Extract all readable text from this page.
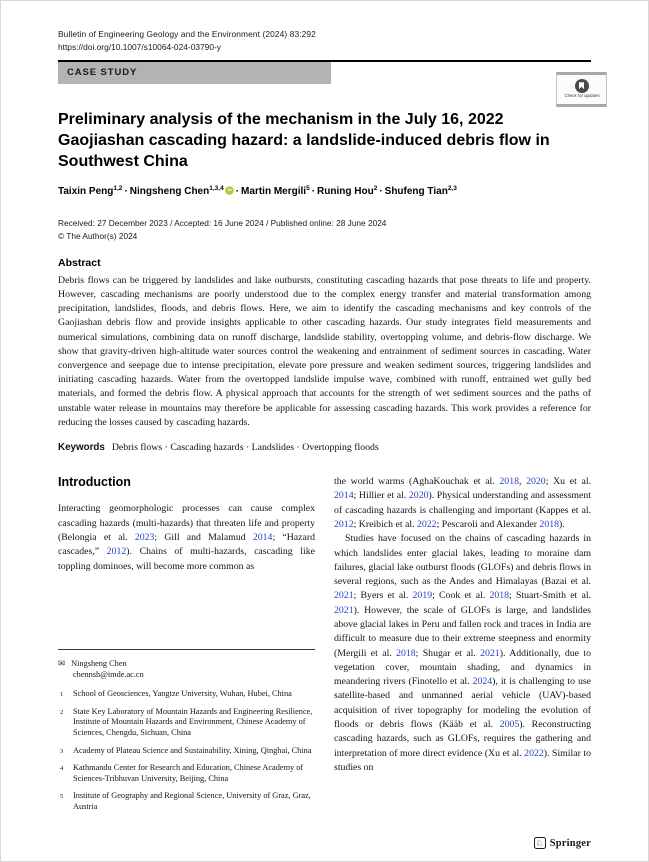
Bulletin of Engineering Geology and the Environment (2024) 83:292
https://doi.org/10.1007/s10064-024-03790-y
CASE STUDY
Check for updates
Preliminary analysis of the mechanism in the July 16, 2022 Gaojiashan cascading hazard: a landslide-induced debris flow in Southwest China
Taixin Peng$^{1,2}$ · Ningsheng Chen$^{1,3,4}$ iD · Martin Mergili$^5$ · Runing Hou$^2$ · Shufeng Tian$^{2,3}$
Received: 27 December 2023 / Accepted: 16 June 2024 / Published online: 28 June 2024
© The Author(s) 2024
Abstract
Debris flows can be triggered by landslides and lake outbursts, constituting cascading hazards that pose threats to life and property. However, cascading mechanisms are poorly understood due to the complex energy transfer and material transformation among precipitation, landslides, floods, and debris flows. Here, we aim to identify the cascading mechanisms and key controls of the Gaojiashan debris flow and provide insights applicable to other cascading hazards. Our study integrates field measurements and numerical simulations, combining data on runoff discharge, landslide stability, overtopping volume, and debris-flow discharge. We show that gravity-driven high-altitude water sources control the weakening and entrainment of sediment sources in cascading. Water convergence and seepage due to intense precipitation, elevate pore pressure and weaken sediment sources, triggering landslides and initiating cascading hazards. Water from the overtopped landslide impulse wave, combined with runoff, entrained wet gully bed materials, and formed the debris flow. A physical approach that accounts for the strength of wet sediment sources and the paths of unstable water release in mountains may therefore be applicable for assessing cascading hazards. This work provides a reference for reducing the losses caused by cascading hazards.
Keywords Debris flows · Cascading hazards · Landslides · Overtopping floods
Introduction

Interacting geomorphologic processes can cause complex cascading hazards (multi-hazards) that threaten life and property (Belongia et al. 2023; Gill and Malamud 2014; “Hazard cascades,” 2012). Chains of multi-hazards, cascading like toppling dominoes, will become more common as

✉ Ningsheng Chen
chennsh@imde.ac.cn
1	School of Geosciences, Yangtze University, Wuhan, Hubei, China
2	State Key Laboratory of Mountain Hazards and Engineering Resilience, Institute of Mountain Hazards and Environment, Chinese Academy of Sciences, Chengdu, Sichuan, China
3	Academy of Plateau Science and Sustainability, Xining, Qinghai, China
4	Kathmandu Center for Research and Education, Chinese Academy of Sciences-Tribhuvan University, Beijing, China
5	Institute of Geography and Regional Science, University of Graz, Graz, Austria

the world warms (AghaKouchak et al. 2018, 2020; Xu et al. 2014; Hillier et al. 2020). Physical understanding and assessment of cascading hazards is challenging and important (Kappes et al. 2012; Kreibich et al. 2022; Pescaroli and Alexander 2018).

Studies have focused on the chains of cascading hazards in which landslides enter glacial lakes, leading to moraine dam failures, glacial lake outburst floods (GLOFs) and debris flows in several regions, such as the Andes and Himalayas (Bazai et al. 2021; Byers et al. 2019; Cook et al. 2018; Stuart-Smith et al. 2021). However, the scale of GLOFs is large, and landslides above glacial lakes in Peru and fallen rock and traces in India are difficult to measure due to their extreme steepness and enormity (Mergili et al. 2018; Shugar et al. 2021). Additionally, due to vegetation cover, mountain shading, and dynamics in meandering rivers (Finotello et al. 2024), it is challenging to use satellite-based and unmanned aerial vehicle (UAV)-based acquisition of river topography for modeling the evolution of floods or debris flows (Kääb et al. 2005). Reconstructing cascading hazards, such as GLOFs, requires the gathering and interpretation of more direct evidence (Xu et al. 2022). Similar to studies on

♘ Springer
